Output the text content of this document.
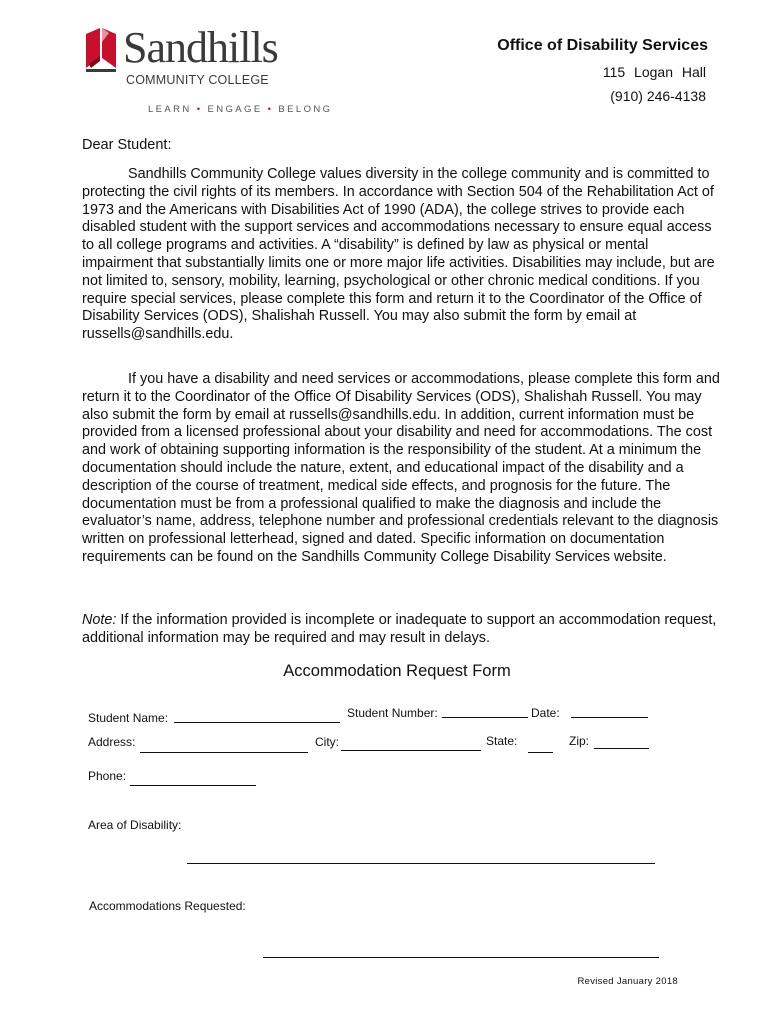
Sandhills
COMMUNITY COLLEGE
LEARN • ENGAGE • BELONG
Office of Disability Services
115 Logan Hall
(910) 246-4138
Dear Student:
Sandhills Community College values diversity in the college community and is committed to protecting the civil rights of its members. In accordance with Section 504 of the Rehabilitation Act of 1973 and the Americans with Disabilities Act of 1990 (ADA), the college strives to provide each disabled student with the support services and accommodations necessary to ensure equal access to all college programs and activities. A “disability” is defined by law as physical or mental impairment that substantially limits one or more major life activities. Disabilities may include, but are not limited to, sensory, mobility, learning, psychological or other chronic medical conditions. If you require special services, please complete this form and return it to the Coordinator of the Office of Disability Services (ODS), Shalishah Russell. You may also submit the form by email at russells@sandhills.edu.
If you have a disability and need services or accommodations, please complete this form and return it to the Coordinator of the Office Of Disability Services (ODS), Shalishah Russell. You may also submit the form by email at russells@sandhills.edu. In addition, current information must be provided from a licensed professional about your disability and need for accommodations. The cost and work of obtaining supporting information is the responsibility of the student. At a minimum the documentation should include the nature, extent, and educational impact of the disability and a description of the course of treatment, medical side effects, and prognosis for the future. The documentation must be from a professional qualified to make the diagnosis and include the evaluator’s name, address, telephone number and professional credentials relevant to the diagnosis written on professional letterhead, signed and dated. Specific information on documentation requirements can be found on the Sandhills Community College Disability Services website.
Note: If the information provided is incomplete or inadequate to support an accommodation request, additional information may be required and may result in delays.
Accommodation Request Form
Student Name:	Student Number:	Date:
Address:	City:	State:	Zip:
Phone:
Area of Disability:
Accommodations Requested:
Revised January 2018
